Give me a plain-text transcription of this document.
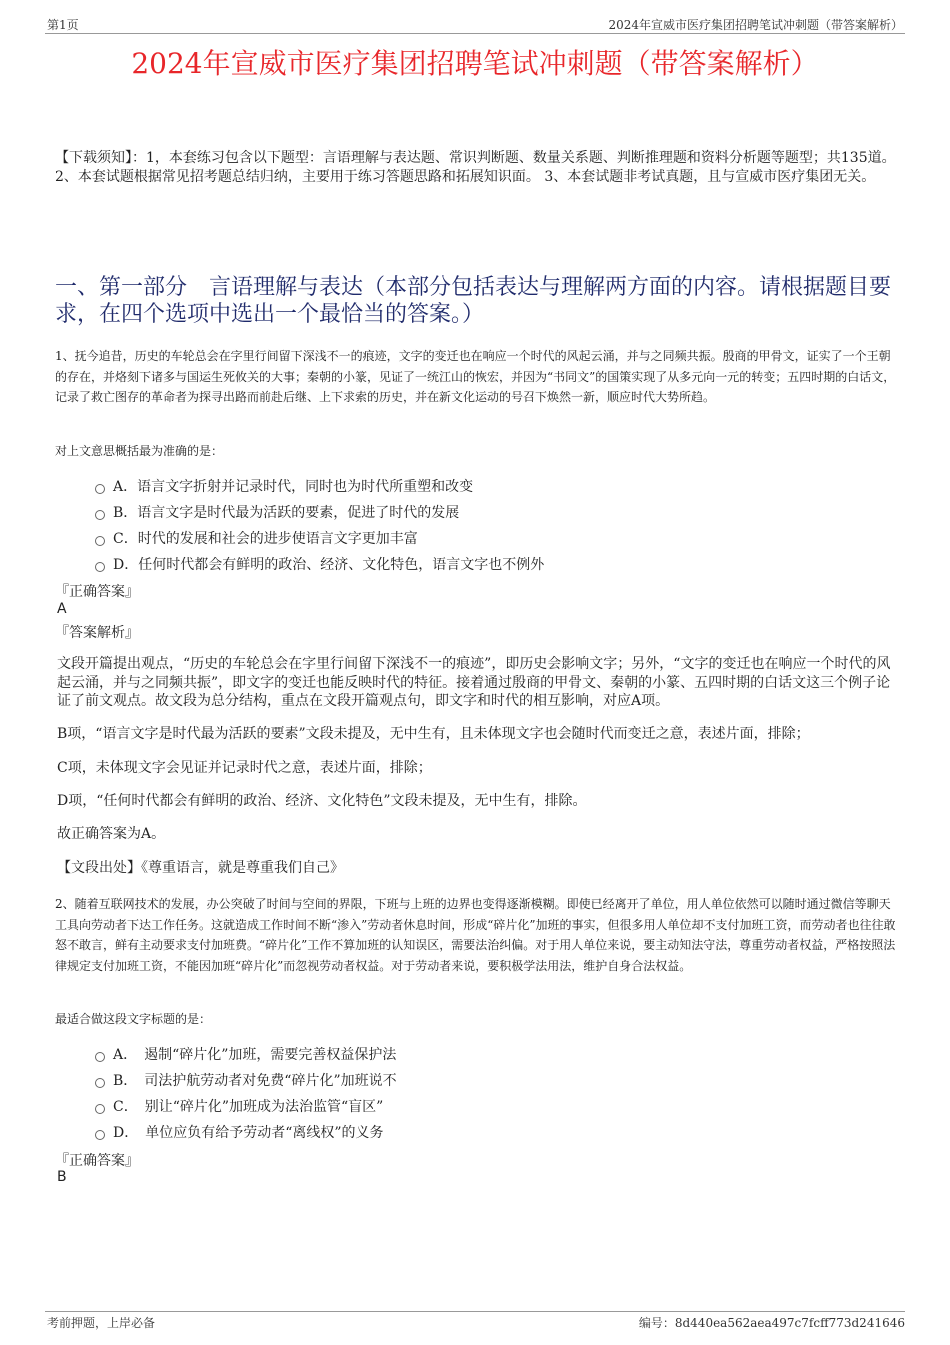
第1页	2024年宣威市医疗集团招聘笔试冲刺题（带答案解析）
2024年宣威市医疗集团招聘笔试冲刺题（带答案解析）
【下载须知】：1，本套练习包含以下题型：言语理解与表达题、常识判断题、数量关系题、判断推理题和资料分析题等题型；共135道。 2、本套试题根据常见招考题总结归纳，主要用于练习答题思路和拓展知识面。 3、本套试题非考试真题，且与宣威市医疗集团无关。
一、第一部分　言语理解与表达（本部分包括表达与理解两方面的内容。请根据题目要求，在四个选项中选出一个最恰当的答案。）
1、抚今追昔，历史的车轮总会在字里行间留下深浅不一的痕迹，文字的变迁也在响应一个时代的风起云涌，并与之同频共振。殷商的甲骨文，证实了一个王朝的存在，并烙刻下诸多与国运生死攸关的大事；秦朝的小篆，见证了一统江山的恢宏，并因为“书同文”的国策实现了从多元向一元的转变；五四时期的白话文，记录了救亡图存的革命者为探寻出路而前赴后继、上下求索的历史，并在新文化运动的号召下焕然一新，顺应时代大势所趋。
对上文意思概括最为准确的是：
A．语言文字折射并记录时代，同时也为时代所重塑和改变
B．语言文字是时代最为活跃的要素，促进了时代的发展
C．时代的发展和社会的进步使语言文字更加丰富
D．任何时代都会有鲜明的政治、经济、文化特色，语言文字也不例外
『正确答案』
A
『答案解析』
文段开篇提出观点，“历史的车轮总会在字里行间留下深浅不一的痕迹”，即历史会影响文字；另外，“文字的变迁也在响应一个时代的风起云涌，并与之同频共振”，即文字的变迁也能反映时代的特征。接着通过殷商的甲骨文、秦朝的小篆、五四时期的白话文这三个例子论证了前文观点。故文段为总分结构，重点在文段开篇观点句，即文字和时代的相互影响，对应A项。
B项，“语言文字是时代最为活跃的要素”文段未提及，无中生有，且未体现文字也会随时代而变迁之意，表述片面，排除；
C项，未体现文字会见证并记录时代之意，表述片面，排除；
D项，“任何时代都会有鲜明的政治、经济、文化特色”文段未提及，无中生有，排除。
故正确答案为A。
【文段出处】《尊重语言，就是尊重我们自己》
2、随着互联网技术的发展，办公突破了时间与空间的界限，下班与上班的边界也变得逐渐模糊。即使已经离开了单位，用人单位依然可以随时通过微信等聊天工具向劳动者下达工作任务。这就造成工作时间不断“渗入”劳动者休息时间，形成“碎片化”加班的事实，但很多用人单位却不支付加班工资，而劳动者也往往敢怒不敢言，鲜有主动要求支付加班费。“碎片化”工作不算加班的认知误区，需要法治纠偏。对于用人单位来说，要主动知法守法，尊重劳动者权益，严格按照法律规定支付加班工资，不能因加班“碎片化”而忽视劳动者权益。对于劳动者来说，要积极学法用法，维护自身合法权益。
最适合做这段文字标题的是：
A．　遏制“碎片化”加班，需要完善权益保护法
B．　司法护航劳动者对免费“碎片化”加班说不
C．　别让“碎片化”加班成为法治监管“盲区”
D．　单位应负有给予劳动者“离线权”的义务
『正确答案』
B
考前押题，上岸必备	编号：8d440ea562aea497c7fcff773d241646
